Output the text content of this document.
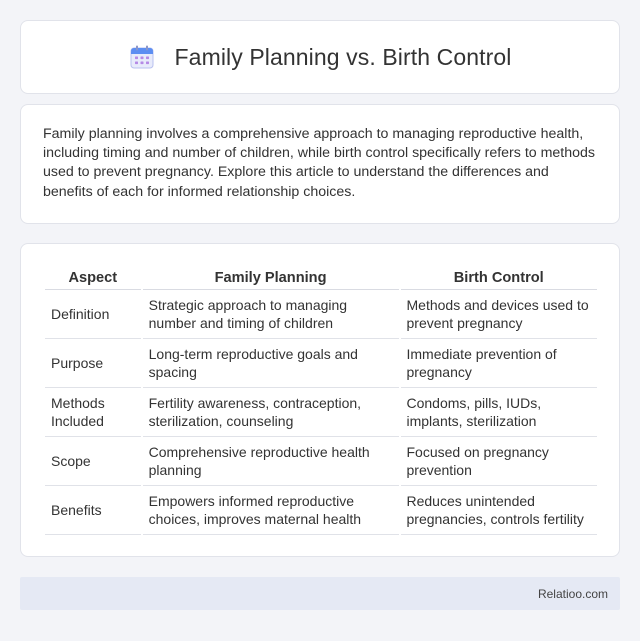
Family Planning vs. Birth Control

Family planning involves a comprehensive approach to managing reproductive health, including timing and number of children, while birth control specifically refers to methods used to prevent pregnancy. Explore this article to understand the differences and benefits of each for informed relationship choices.

Aspect	Family Planning	Birth Control
Definition	Strategic approach to managing number and timing of children	Methods and devices used to prevent pregnancy
Purpose	Long-term reproductive goals and spacing	Immediate prevention of pregnancy
Methods Included	Fertility awareness, contraception, sterilization, counseling	Condoms, pills, IUDs, implants, sterilization
Scope	Comprehensive reproductive health planning	Focused on pregnancy prevention
Benefits	Empowers informed reproductive choices, improves maternal health	Reduces unintended pregnancies, controls fertility
Relatioo.com
